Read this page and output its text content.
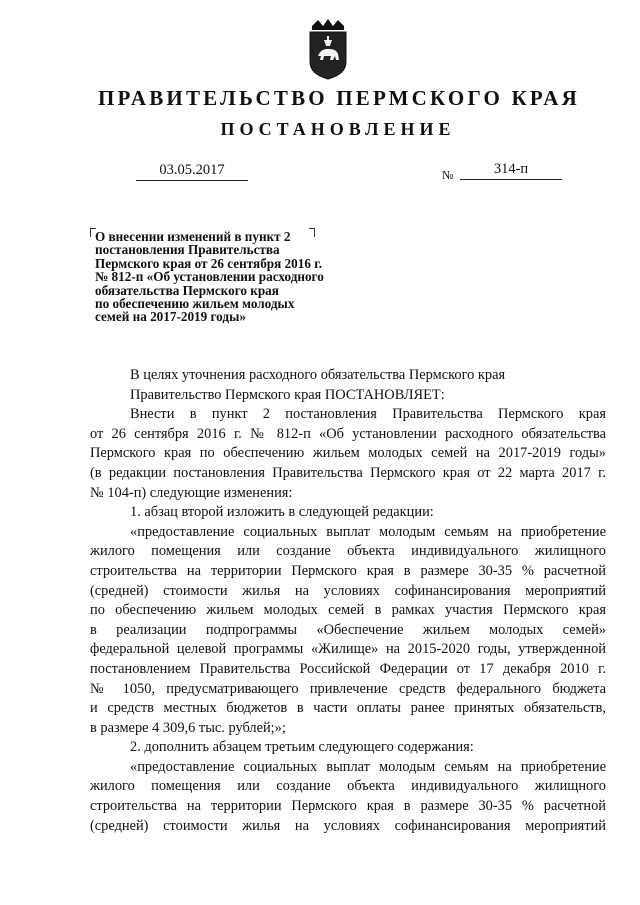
ПРАВИТЕЛЬСТВО ПЕРМСКОГО КРАЯ
ПОСТАНОВЛЕНИЕ
03.05.2017	№	314-п

О внесении изменений в пункт 2
постановления Правительства
Пермского края от 26 сентября 2016 г.
№ 812-п «Об установлении расходного
обязательства Пермского края
по обеспечению жильем молодых
семей на 2017-2019 годы»

В целях уточнения расходного обязательства Пермского края
Правительство Пермского края ПОСТАНОВЛЯЕТ:
Внести в пункт 2 постановления Правительства Пермского края
от 26 сентября 2016 г. № 812-п «Об установлении расходного обязательства
Пермского края по обеспечению жильем молодых семей на 2017-2019 годы»
(в редакции постановления Правительства Пермского края от 22 марта 2017 г.
№ 104-п) следующие изменения:
1. абзац второй изложить в следующей редакции:
«предоставление социальных выплат молодым семьям на приобретение
жилого помещения или создание объекта индивидуального жилищного
строительства на территории Пермского края в размере 30-35 % расчетной
(средней) стоимости жилья на условиях софинансирования мероприятий
по обеспечению жильем молодых семей в рамках участия Пермского края
в реализации подпрограммы «Обеспечение жильем молодых семей»
федеральной целевой программы «Жилище» на 2015-2020 годы, утвержденной
постановлением Правительства Российской Федерации от 17 декабря 2010 г.
№ 1050, предусматривающего привлечение средств федерального бюджета
и средств местных бюджетов в части оплаты ранее принятых обязательств,
в размере 4 309,6 тыс. рублей;»;
2. дополнить абзацем третьим следующего содержания:
«предоставление социальных выплат молодым семьям на приобретение
жилого помещения или создание объекта индивидуального жилищного
строительства на территории Пермского края в размере 30-35 % расчетной
(средней) стоимости жилья на условиях софинансирования мероприятий
